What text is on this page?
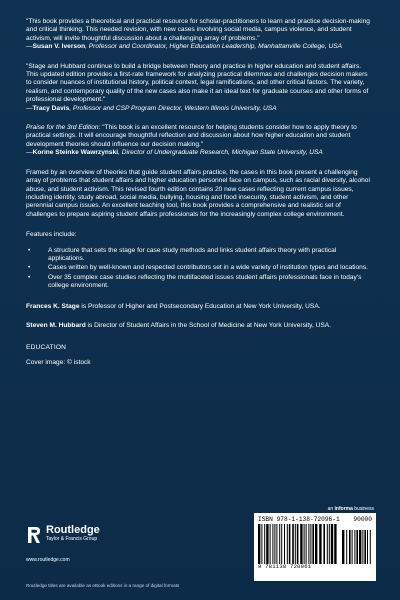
"This book provides a theoretical and practical resource for scholar-practitioners to learn and practice decision-making and critical thinking. This needed revision, with new cases involving social media, campus violence, and student activism, will invite thoughtful discussion about a challenging array of problems."

—Susan V. Iverson, Professor and Coordinator, Higher Education Leadership, Manhattanville College, USA

"Stage and Hubbard continue to build a bridge between theory and practice in higher education and student affairs. This updated edition provides a first-rate framework for analyzing practical dilemmas and challenges decision makers to consider nuances of institutional history, political context, legal ramifications, and other critical factors. The variety, realism, and contemporary quality of the new cases also make it an ideal text for graduate courses and other forms of professional development."

—Tracy Davis, Professor and CSP Program Director, Western Illinois University, USA

Praise for the 3rd Edition: "This book is an excellent resource for helping students consider how to apply theory to practical settings. It will encourage thoughtful reflection and discussion about how higher education and student development theories should influence our decision making."

—Korine Steinke Wawrzynski, Director of Undergraduate Research, Michigan State University, USA

Framed by an overview of theories that guide student affairs practice, the cases in this book present a challenging array of problems that student affairs and higher education personnel face on campus, such as racial diversity, alcohol abuse, and student activism. This revised fourth edition contains 20 new cases reflecting current campus issues, including identity, study abroad, social media, bullying, housing and food insecurity, student activism, and other perennial campus issues. An excellent teaching tool, this book provides a comprehensive and realistic set of challenges to prepare aspiring student affairs professionals for the increasingly complex college environment.

Features include:

• A structure that sets the stage for case study methods and links student affairs theory with practical applications.
• Cases written by well-known and respected contributors set in a wide variety of institution types and locations.
• Over 35 complex case studies reflecting the multifaceted issues student affairs professionals face in today's college environment.

Frances K. Stage is Professor of Higher and Postsecondary Education at New York University, USA.

Steven M. Hubbard is Director of Student Affairs in the School of Medicine at New York University, USA.

EDUCATION

Cover image: © istock

an informa business
Routledge
Taylor & Francis Group
www.routledge.com
Routledge titles are available as eBook editions in a range of digital formats
ISBN 978-1-138-72096-1	90000
9 781138 720961
